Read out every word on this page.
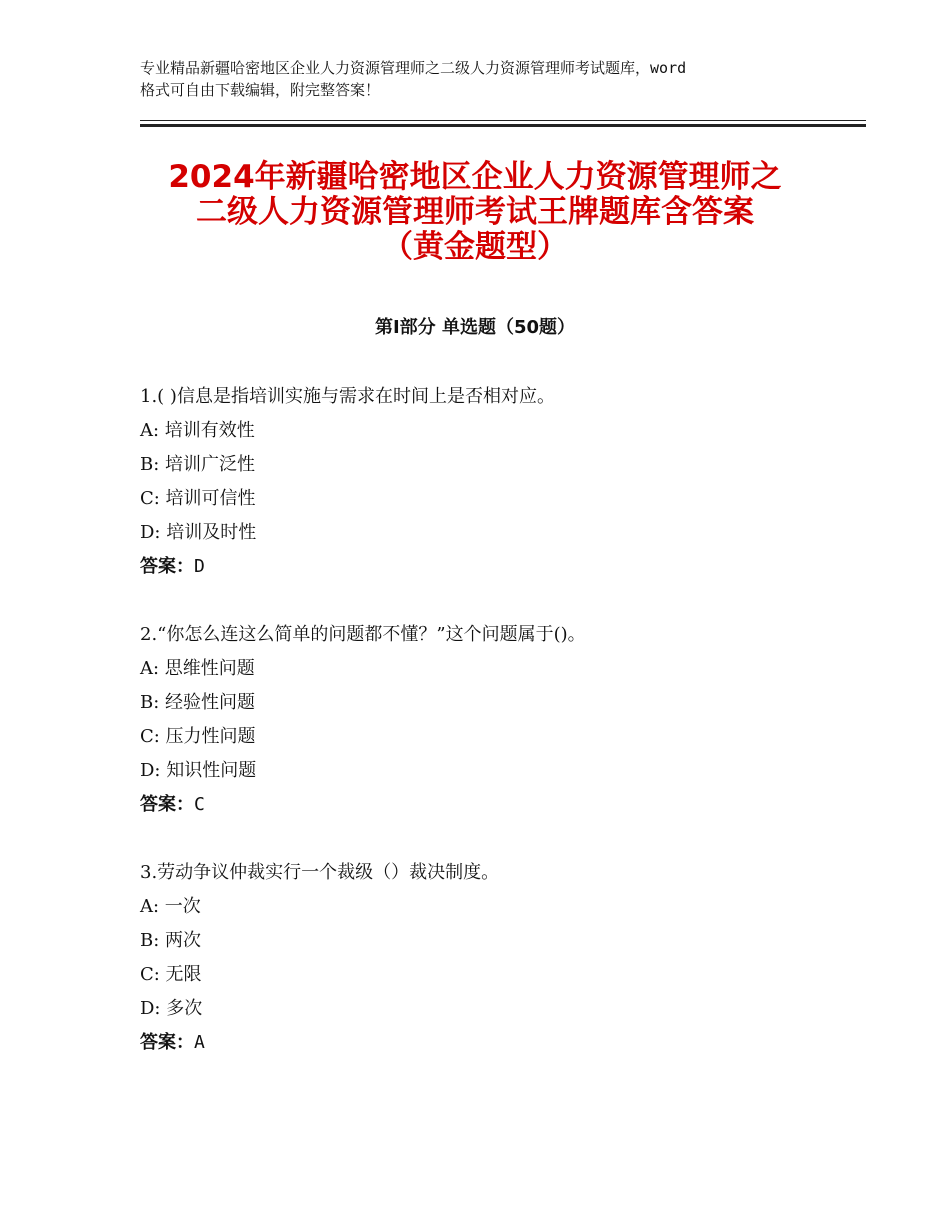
专业精品新疆哈密地区企业人力资源管理师之二级人力资源管理师考试题库，word
格式可自由下载编辑，附完整答案！
2024年新疆哈密地区企业人力资源管理师之
二级人力资源管理师考试王牌题库含答案
（黄金题型）
第Ⅰ部分 单选题（50题）
1.( )信息是指培训实施与需求在时间上是否相对应。
A: 培训有效性
B: 培训广泛性
C: 培训可信性
D: 培训及时性
答案：D
2.“你怎么连这么简单的问题都不懂？”这个问题属于()。
A: 思维性问题
B: 经验性问题
C: 压力性问题
D: 知识性问题
答案：C
3.劳动争议仲裁实行一个裁级（）裁决制度。
A: 一次
B: 两次
C: 无限
D: 多次
答案：A
